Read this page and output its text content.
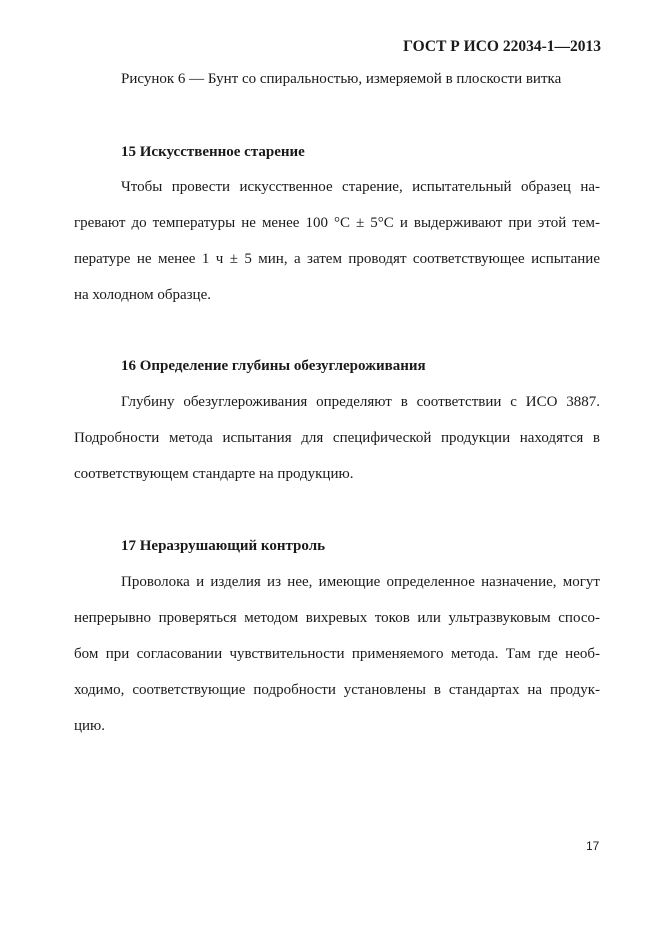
ГОСТ Р ИСО 22034-1—2013
Рисунок 6 — Бунт со спиральностью, измеряемой в плоскости витка
15 Искусственное старение
Чтобы провести искусственное старение, испытательный образец на-
гревают до температуры не менее 100 °C ± 5°C и выдерживают при этой тем-
пературе не менее 1 ч ± 5 мин, а затем проводят соответствующее испытание
на холодном образце.
16 Определение глубины обезуглероживания
Глубину обезуглероживания определяют в соответствии с ИСО 3887.
Подробности метода испытания для специфической продукции находятся в
соответствующем стандарте на продукцию.
17 Неразрушающий контроль
Проволока и изделия из нее, имеющие определенное назначение, могут
непрерывно проверяться методом вихревых токов или ультразвуковым спосо-
бом при согласовании чувствительности применяемого метода. Там где необ-
ходимо, соответствующие подробности установлены в стандартах на продук-
цию.
17
